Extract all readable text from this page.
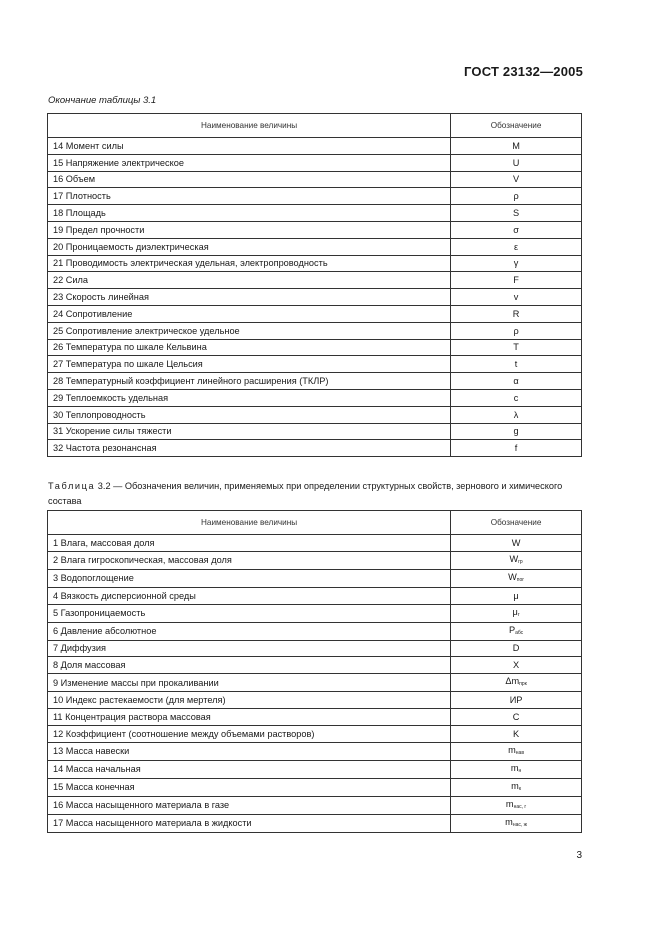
ГОСТ 23132—2005
Окончание таблицы 3.1
Наименование величины	Обозначение
14 Момент силы	M
15 Напряжение электрическое	U
16 Объем	V
17 Плотность	ρ
18 Площадь	S
19 Предел прочности	σ
20 Проницаемость диэлектрическая	ε
21 Проводимость электрическая удельная, электропроводность	γ
22 Сила	F
23 Скорость линейная	v
24 Сопротивление	R
25 Сопротивление электрическое удельное	ρ
26 Температура по шкале Кельвина	T
27 Температура по шкале Цельсия	t
28 Температурный коэффициент линейного расширения (ТКЛР)	α
29 Теплоемкость удельная	c
30 Теплопроводность	λ
31 Ускорение силы тяжести	g
32 Частота резонансная	f
Таблица 3.2 — Обозначения величин, применяемых при определении структурных свойств, зернового и химического состава
Наименование величины	Обозначение
1 Влага, массовая доля	W
2 Влага гигроскопическая, массовая доля	$W_{гр}$
3 Водопоглощение	$W_{пог}$
4 Вязкость дисперсионной среды	μ
5 Газопроницаемость	$\mu_г$
6 Давление абсолютное	$P_{абс}$
7 Диффузия	D
8 Доля массовая	X
9 Изменение массы при прокаливании	$\Delta m_{прк}$
10 Индекс растекаемости (для мертеля)	ИР
11 Концентрация раствора массовая	C
12 Коэффициент (соотношение между объемами растворов)	K
13 Масса навески	$m_{нав}$
14 Масса начальная	$m_н$
15 Масса конечная	$m_к$
16 Масса насыщенного материала в газе	$m_{нас, г}$
17 Масса насыщенного материала в жидкости	$m_{нас, ж}$
3
